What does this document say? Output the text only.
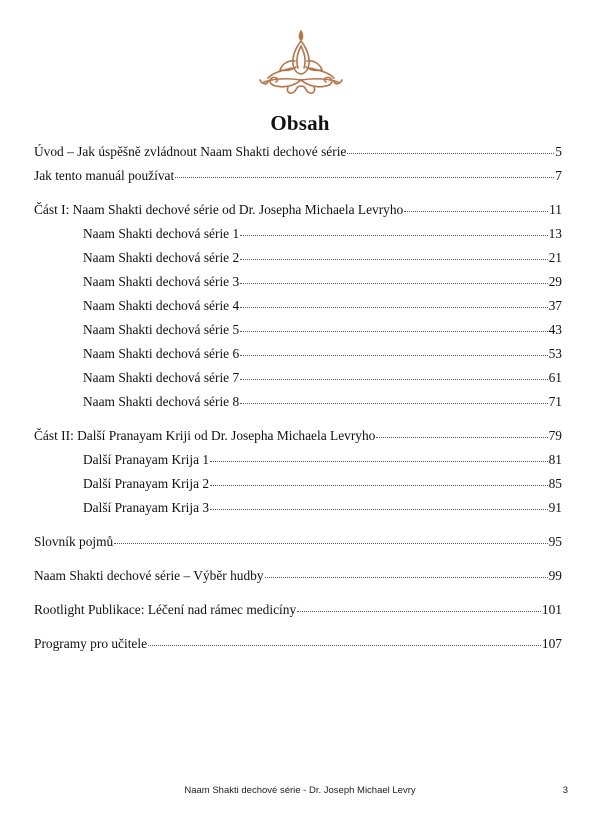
Obsah
Úvod – Jak úspěšně zvládnout Naam Shakti dechové série	5
Jak tento manuál používat	7
Část I: Naam Shakti dechové série od Dr. Josepha Michaela Levryho	11
Naam Shakti dechová série 1	13
Naam Shakti dechová série 2	21
Naam Shakti dechová série 3	29
Naam Shakti dechová série 4	37
Naam Shakti dechová série 5	43
Naam Shakti dechová série 6	53
Naam Shakti dechová série 7	61
Naam Shakti dechová série 8	71
Část II: Další Pranayam Kriji od Dr. Josepha Michaela Levryho	79
Další Pranayam Krija 1	81
Další Pranayam Krija 2	85
Další Pranayam Krija 3	91
Slovník pojmů	95
Naam Shakti dechové série – Výběr hudby	99
Rootlight Publikace: Léčení nad rámec medicíny	101
Programy pro učitele	107
Naam Shakti dechové série - Dr. Joseph Michael Levry	3
